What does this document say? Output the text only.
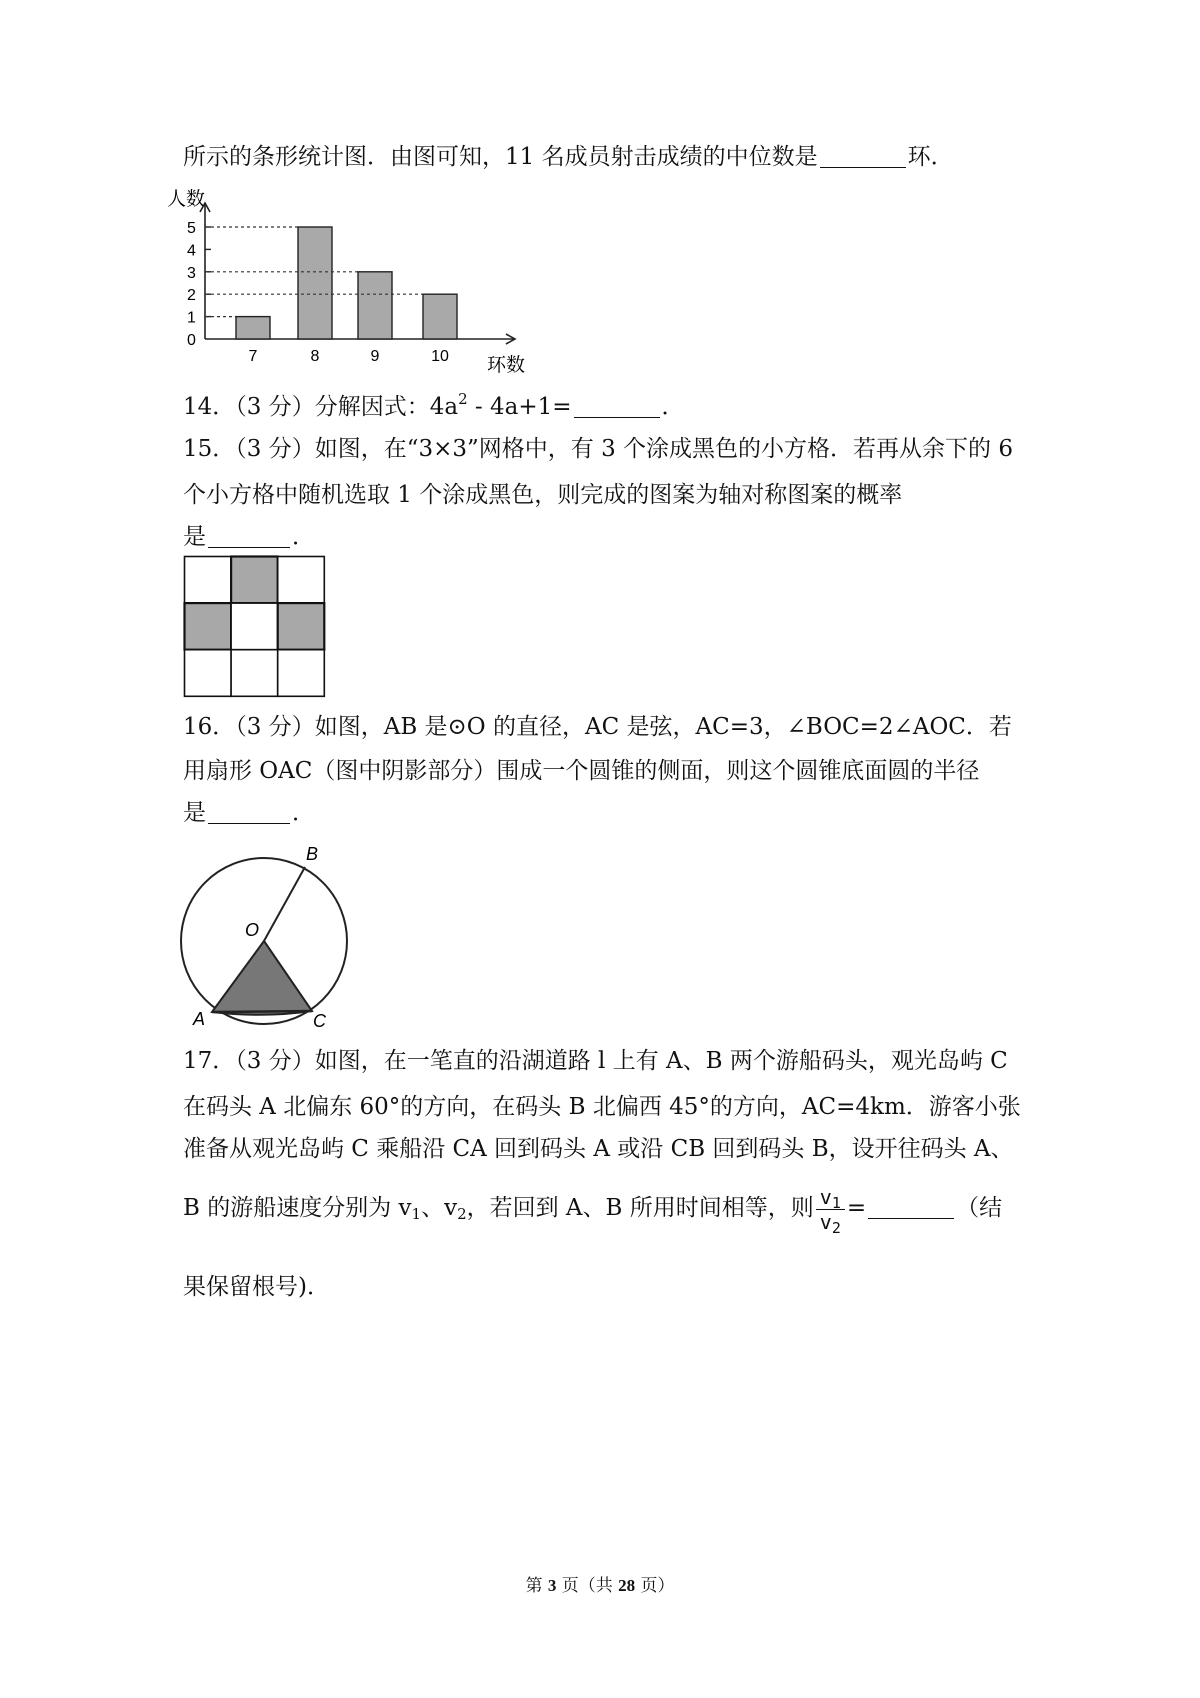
所示的条形统计图．由图可知，11 名成员射击成绩的中位数是	环．
人数
环数
0
1
2
3
4
5
7	8	9	10
14．（3 分）分解因式：$4a^2$ ‑ 4a+1=	．
15．（3 分）如图，在“3×3”网格中，有 3 个涂成黑色的小方格．若再从余下的 6
个小方格中随机选取 1 个涂成黑色，则完成的图案为轴对称图案的概率
是	．
16．（3 分）如图，AB 是⊙O 的直径，AC 是弦，AC=3，∠BOC=2∠AOC．若
用扇形 OAC（图中阴影部分）围成一个圆锥的侧面，则这个圆锥底面圆的半径
是	．
B
O
A	C
17．（3 分）如图，在一笔直的沿湖道路 l 上有 A、B 两个游船码头，观光岛屿 C
在码头 A 北偏东 60°的方向，在码头 B 北偏西 45°的方向，AC=4km．游客小张
准备从观光岛屿 C 乘船沿 CA 回到码头 A 或沿 CB 回到码头 B，设开往码头 A、
B 的游船速度分别为 $v_1$、$v_2$，若回到 A、B 所用时间相等，则 $\frac{v_1}{v_2}$ =	（结
果保留根号)．
第 3 页（共 28 页）
